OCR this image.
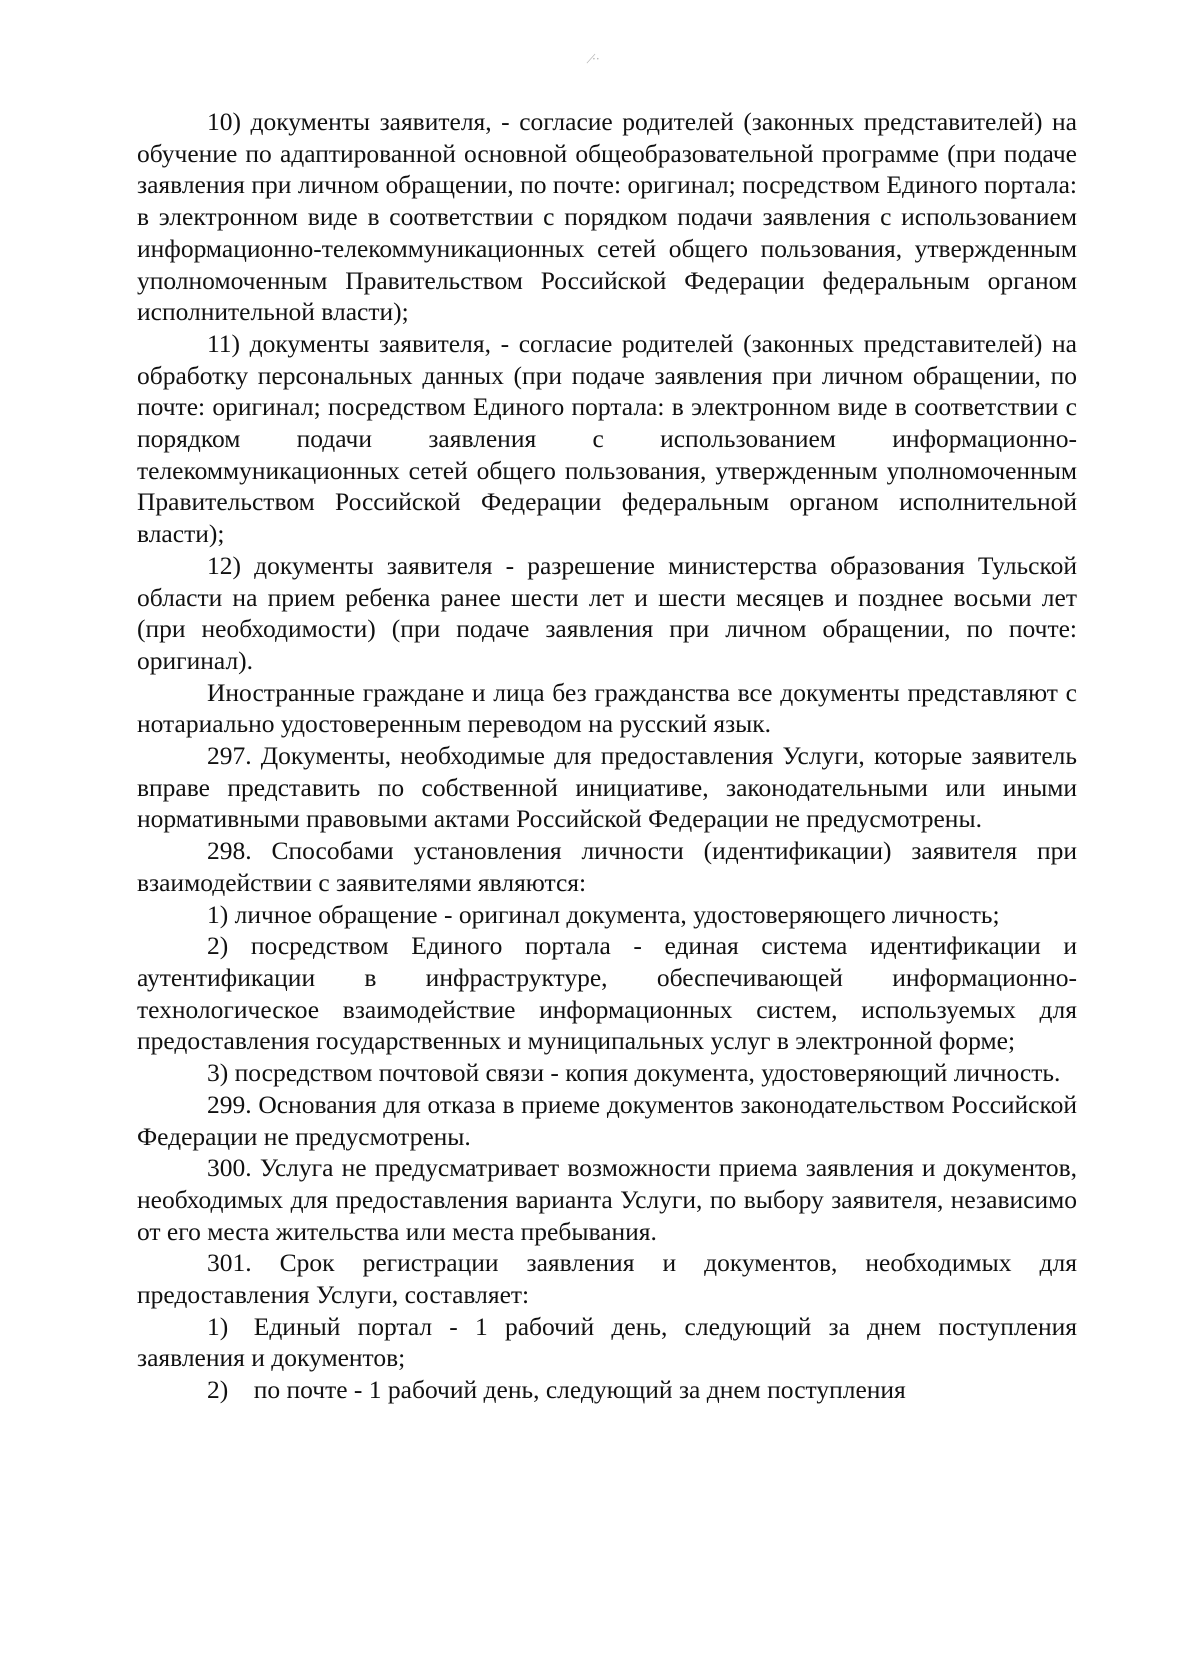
·̸·

10) документы заявителя, - согласие родителей (законных представителей) на обучение по адаптированной основной общеобразовательной программе (при подаче заявления при личном обращении, по почте: оригинал; посредством Единого портала: в электронном виде в соответствии с порядком подачи заявления с использованием информационно-телекоммуникационных сетей общего пользования, утвержденным уполномоченным Правительством Российской Федерации федеральным органом исполнительной власти);

11) документы заявителя, - согласие родителей (законных представителей) на обработку персональных данных (при подаче заявления при личном обращении, по почте: оригинал; посредством Единого портала: в электронном виде в соответствии с порядком подачи заявления с использованием информационно-телекоммуникационных сетей общего пользования, утвержденным уполномоченным Правительством Российской Федерации федеральным органом исполнительной власти);

12) документы заявителя - разрешение министерства образования Тульской области на прием ребенка ранее шести лет и шести месяцев и позднее восьми лет (при необходимости) (при подаче заявления при личном обращении, по почте: оригинал).

Иностранные граждане и лица без гражданства все документы представляют с нотариально удостоверенным переводом на русский язык.

297. Документы, необходимые для предоставления Услуги, которые заявитель вправе представить по собственной инициативе, законодательными или иными нормативными правовыми актами Российской Федерации не предусмотрены.

298. Способами установления личности (идентификации) заявителя при взаимодействии с заявителями являются:

1) личное обращение - оригинал документа, удостоверяющего личность;

2) посредством Единого портала - единая система идентификации и аутентификации в инфраструктуре, обеспечивающей информационно-технологическое взаимодействие информационных систем, используемых для предоставления государственных и муниципальных услуг в электронной форме;

3) посредством почтовой связи - копия документа, удостоверяющий личность.

299. Основания для отказа в приеме документов законодательством Российской Федерации не предусмотрены.

300. Услуга не предусматривает возможности приема заявления и документов, необходимых для предоставления варианта Услуги, по выбору заявителя, независимо от его места жительства или места пребывания.

301. Срок регистрации заявления и документов, необходимых для предоставления Услуги, составляет:

1) Единый портал - 1 рабочий день, следующий за днем поступления заявления и документов;

2) по почте - 1 рабочий день, следующий за днем поступления
